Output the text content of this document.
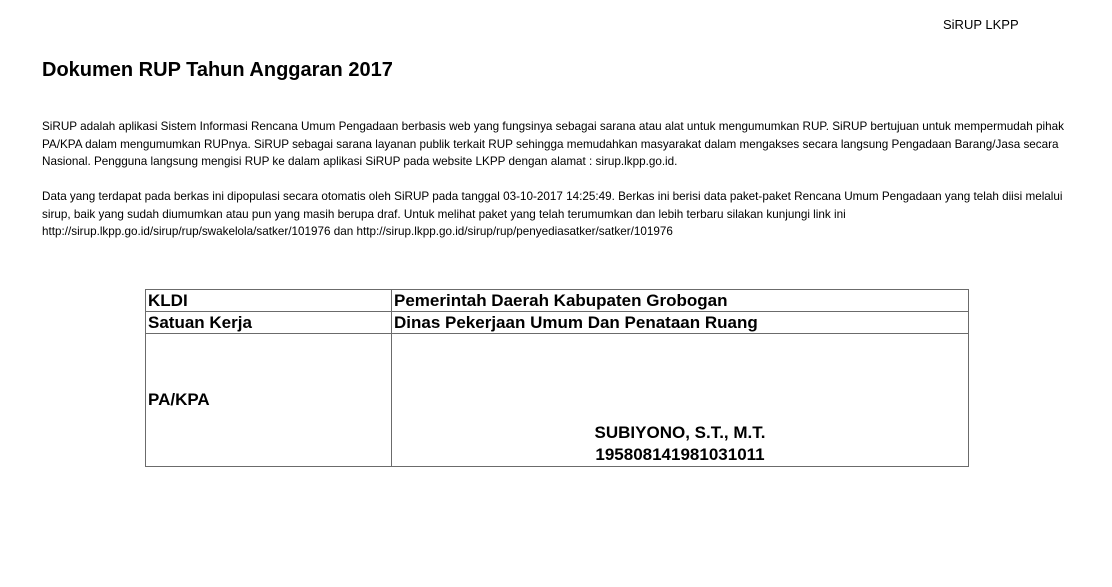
SiRUP LKPP
Dokumen RUP Tahun Anggaran 2017

SiRUP adalah aplikasi Sistem Informasi Rencana Umum Pengadaan berbasis web yang fungsinya sebagai sarana atau alat untuk mengumumkan RUP. SiRUP bertujuan untuk mempermudah pihak PA/KPA dalam mengumumkan RUPnya. SiRUP sebagai sarana layanan publik terkait RUP sehingga memudahkan masyarakat dalam mengakses secara langsung Pengadaan Barang/Jasa secara Nasional. Pengguna langsung mengisi RUP ke dalam aplikasi SiRUP pada website LKPP dengan alamat : sirup.lkpp.go.id.

Data yang terdapat pada berkas ini dipopulasi secara otomatis oleh SiRUP pada tanggal 03-10-2017 14:25:49. Berkas ini berisi data paket-paket Rencana Umum Pengadaan yang telah diisi melalui sirup, baik yang sudah diumumkan atau pun yang masih berupa draf. Untuk melihat paket yang telah terumumkan dan lebih terbaru silakan kunjungi link ini http://sirup.lkpp.go.id/sirup/rup/swakelola/satker/101976 dan http://sirup.lkpp.go.id/sirup/rup/penyediasatker/satker/101976

KLDI	Pemerintah Daerah Kabupaten Grobogan
Satuan Kerja	Dinas Pekerjaan Umum Dan Penataan Ruang
PA/KPA	SUBIYONO, S.T., M.T.
195808141981031011
